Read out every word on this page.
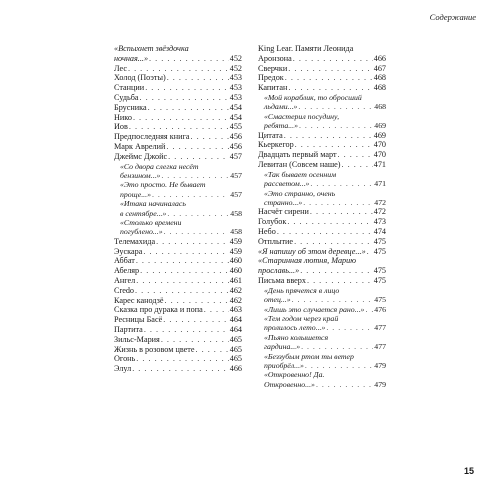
Содержание
«Вспыхнет звёздочка
ночная...» . . .	452
Лес . . .	452
Холод (Поэты) . . .	453
Станции . . .	453
Судьба . . .	453
Брусника . . .	454
Нико . . .	454
Иов . . .	455
Предпоследняя книга . . .	456
Марк Аврелий . . .	456
Джеймс Джойс . . .	457
«Со двора слегка несёт
бензином...» . . .	457
«Это просто. Не бывает
проще...» . . .	457
«Итака начиналась
в сентябре...» . . .	458
«Столько времени
погублено...» . . .	458
Телемахида . . .	459
Эускара . . .	459
Аббат . . .	460
Абеляр . . .	460
Ангел . . .	461
Credo . . .	462
Карес канодзё . . .	462
Сказка про дурака и попа . . .	463
Ресницы Басё . . .	464
Партита . . .	464
Зильс-Мария . . .	465
Жизнь в розовом цвете . . .	465
Огонь . . .	465
Элул . . .	466
King Lear. Памяти Леонида
Аронзона . . .	466
Сверчки . . .	467
Предок . . .	468
Капитан . . .	468
«Мой кораблик, то обросший
льдами...» . . .	468
«Смастерил посудину,
ребята...» . . .	469
Цитата . . .	469
Кьеркегор . . .	470
Двадцать первый март . . .	470
Левитан (Совсем наше) . . .	471
«Так бывает осенним
рассветом...» . . .	471
«Это странно, очень
странно...» . . .	472
Насчёт сирени . . .	472
Голубок . . .	473
Небо . . .	474
Отплытие . . .	475
«Я напишу об этом деревце...» . . . 475
«Старинная лютня, Марию
прославь...» . . .	475
Письма вверх . . .	475
«День прячется в лицо
отец...» . . .	475
«Лишь это случается рано...» . . . 476
«Тем годом через край
пролилось лето...» . . .	477
«Пьяно колышется
гардина...» . . .	477
«Беззубым ртом ты ветер
приобрёл...» . . .	479
«Откровенно! Да.
Откровенно...» . . .	479
15
